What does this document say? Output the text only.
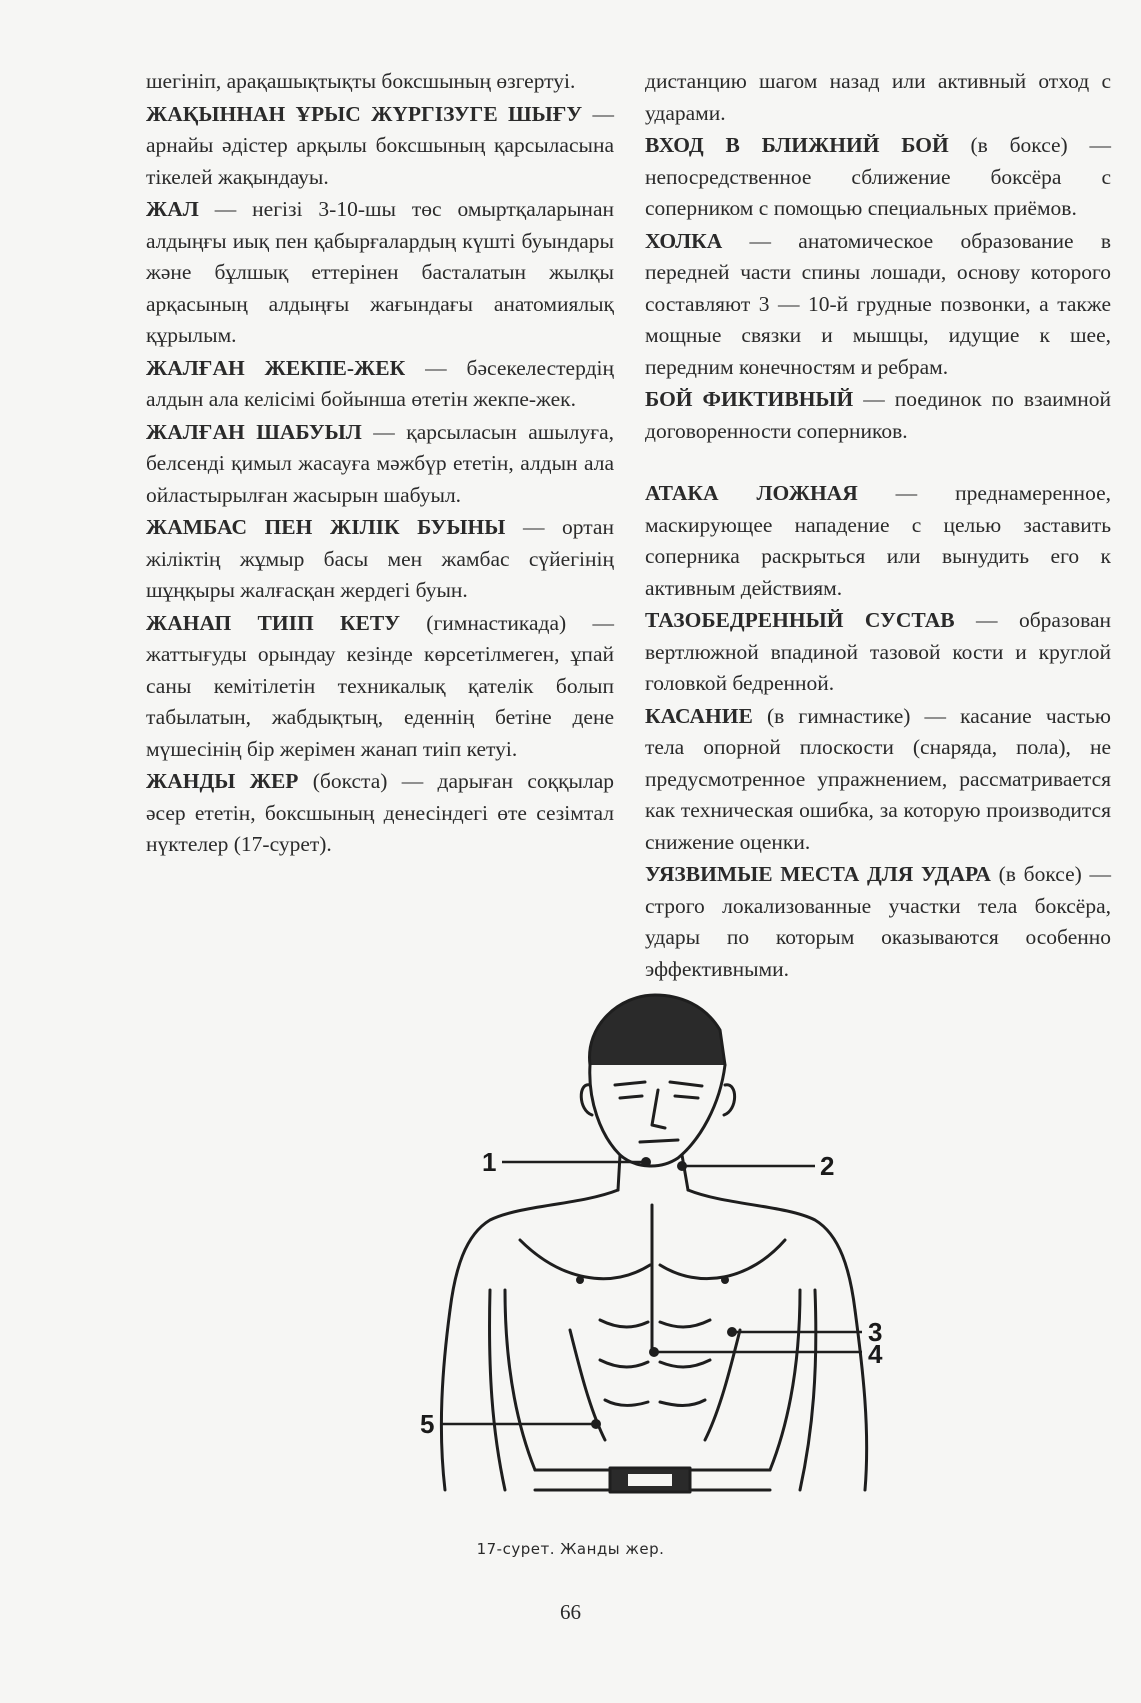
шегініп, арақашықтықты боксшының өзгертуі.

ЖАҚЫННАН ҰРЫС ЖҮРГІЗУГЕ ШЫҒУ — арнайы әдістер арқылы боксшының қарсыласына тікелей жақындауы.

ЖАЛ — негізі 3-10-шы төс омыртқаларынан алдыңғы иық пен қабырғалардың күшті буындары және бұлшық еттерінен басталатын жылқы арқасының алдыңғы жағындағы анатомиялық құрылым.

ЖАЛҒАН ЖЕКПЕ-ЖЕК — бәсекелестердің алдын ала келісімі бойынша өтетін жекпе-жек.

ЖАЛҒАН ШАБУЫЛ — қарсыласын ашылуға, белсенді қимыл жасауға мәжбүр ететін, алдын ала ойластырылған жасырын шабуыл.

ЖАМБАС ПЕН ЖІЛІК БУЫНЫ — ортан жіліктің жұмыр басы мен жамбас сүйегінің шұңқыры жалғасқан жердегі буын.

ЖАНАП ТИІП КЕТУ (гимнастикада) — жаттығуды орындау кезінде көрсетілмеген, ұпай саны кемітілетін техникалық қателік болып табылатын, жабдықтың, еденнің бетіне дене мүшесінің бір жерімен жанап тиіп кетуі.

ЖАНДЫ ЖЕР (бокста) — дарыған соққылар әсер ететін, боксшының денесіндегі өте сезімтал нүктелер (17-сурет).

дистанцию шагом назад или активный отход с ударами.

ВХОД В БЛИЖНИЙ БОЙ (в боксе) — непосредственное сближение боксёра с соперником с помощью специальных приёмов.

ХОЛКА — анатомическое образование в передней части спины лошади, основу которого составляют 3 — 10-й грудные позвонки, а также мощные связки и мышцы, идущие к шее, передним конечностям и ребрам.

БОЙ ФИКТИВНЫЙ — поединок по взаимной договоренности соперников.

АТАКА ЛОЖНАЯ — преднамеренное, маскирующее нападение с целью заставить соперника раскрыться или вынудить его к активным действиям.

ТАЗОБЕДРЕННЫЙ СУСТАВ — образован вертлюжной впадиной тазовой кости и круглой головкой бедренной.

КАСАНИЕ (в гимнастике) — касание частью тела опорной плоскости (снаряда, пола), не предусмотренное упражнением, рассматривается как техническая ошибка, за которую производится снижение оценки.

УЯЗВИМЫЕ МЕСТА ДЛЯ УДАРА (в боксе) — строго локализованные участки тела боксёра, удары по которым оказываются особенно эффективными.

1	2
3
4
5
17-сурет. Жанды жер.
66
